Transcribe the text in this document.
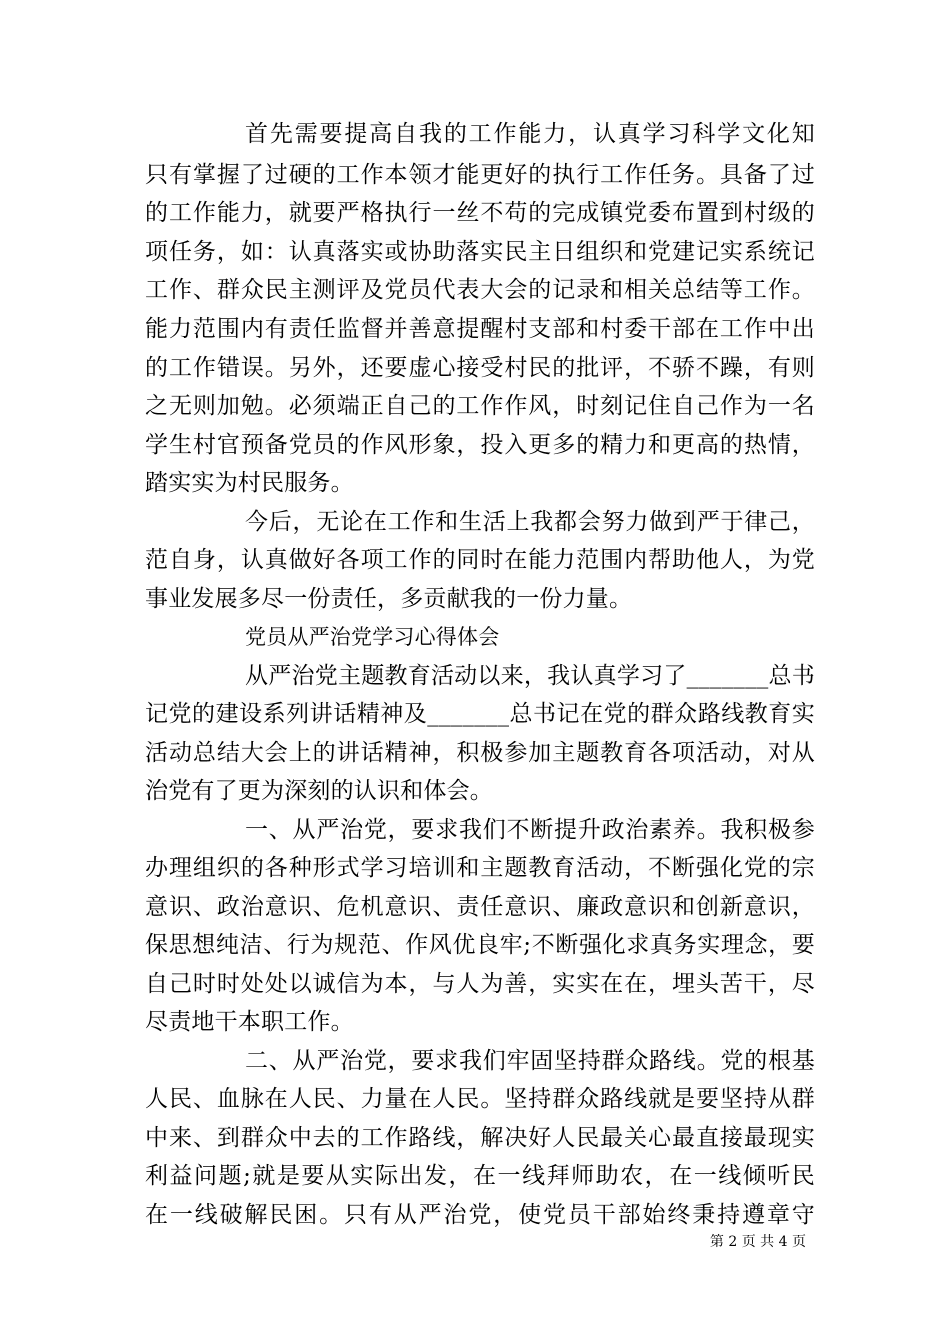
首先需要提高自我的工作能力，认真学习科学文化知
只有掌握了过硬的工作本领才能更好的执行工作任务。具备了过
的工作能力，就要严格执行一丝不苟的完成镇党委布置到村级的
项任务，如：认真落实或协助落实民主日组织和党建记实系统记
工作、群众民主测评及党员代表大会的记录和相关总结等工作。
能力范围内有责任监督并善意提醒村支部和村委干部在工作中出
的工作错误。另外，还要虚心接受村民的批评，不骄不躁，有则
之无则加勉。必须端正自己的工作作风，时刻记住自己作为一名
学生村官预备党员的作风形象，投入更多的精力和更高的热情，
踏实实为村民服务。
今后，无论在工作和生活上我都会努力做到严于律己，
范自身，认真做好各项工作的同时在能力范围内帮助他人，为党
事业发展多尽一份责任，多贡献我的一份力量。
党员从严治党学习心得体会
从严治党主题教育活动以来，我认真学习了_______总书
记党的建设系列讲话精神及_______总书记在党的群众路线教育实
活动总结大会上的讲话精神，积极参加主题教育各项活动，对从
治党有了更为深刻的认识和体会。
一、从严治党，要求我们不断提升政治素养。我积极参
办理组织的各种形式学习培训和主题教育活动，不断强化党的宗
意识、政治意识、危机意识、责任意识、廉政意识和创新意识，
保思想纯洁、行为规范、作风优良牢;不断强化求真务实理念，要
自己时时处处以诚信为本，与人为善，实实在在，埋头苦干，尽
尽责地干本职工作。
二、从严治党，要求我们牢固坚持群众路线。党的根基
人民、血脉在人民、力量在人民。坚持群众路线就是要坚持从群
中来、到群众中去的工作路线，解决好人民最关心最直接最现实
利益问题;就是要从实际出发，在一线拜师助农，在一线倾听民
在一线破解民困。只有从严治党，使党员干部始终秉持遵章守
第 2 页 共 4 页
